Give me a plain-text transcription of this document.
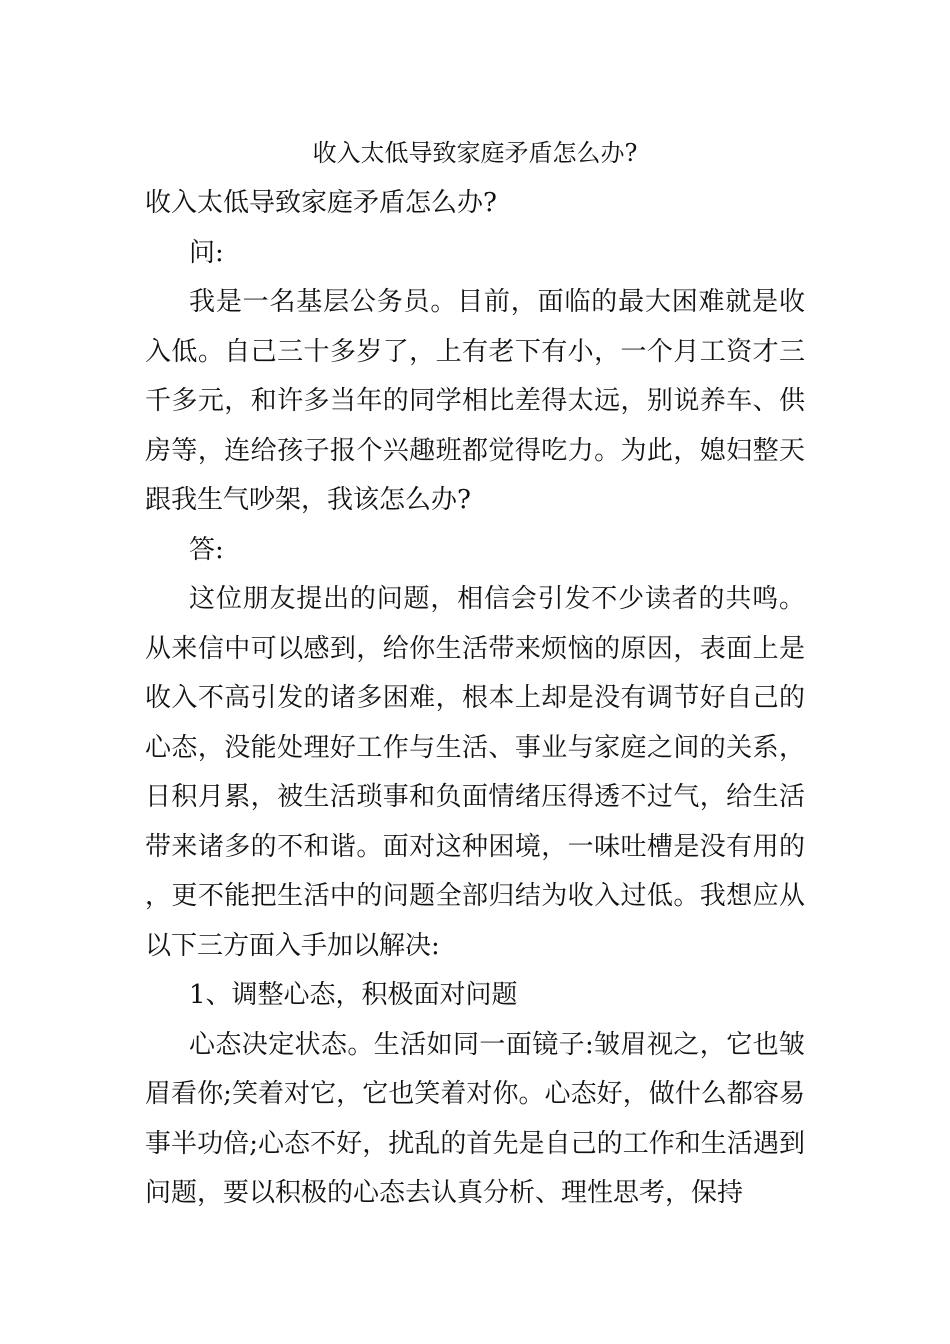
收入太低导致家庭矛盾怎么办?

收入太低导致家庭矛盾怎么办?

问:

我是一名基层公务员。目前，面临的最大困难就是收入低。自己三十多岁了，上有老下有小，一个月工资才三千多元，和许多当年的同学相比差得太远，别说养车、供房等，连给孩子报个兴趣班都觉得吃力。为此，媳妇整天跟我生气吵架，我该怎么办?

答:

这位朋友提出的问题，相信会引发不少读者的共鸣。从来信中可以感到，给你生活带来烦恼的原因，表面上是收入不高引发的诸多困难，根本上却是没有调节好自己的心态，没能处理好工作与生活、事业与家庭之间的关系，日积月累，被生活琐事和负面情绪压得透不过气，给生活带来诸多的不和谐。面对这种困境，一味吐槽是没有用的，更不能把生活中的问题全部归结为收入过低。我想应从以下三方面入手加以解决:

1、调整心态，积极面对问题

心态决定状态。生活如同一面镜子:皱眉视之，它也皱眉看你;笑着对它，它也笑着对你。心态好，做什么都容易事半功倍;心态不好，扰乱的首先是自己的工作和生活遇到问题，要以积极的心态去认真分析、理性思考，保持
